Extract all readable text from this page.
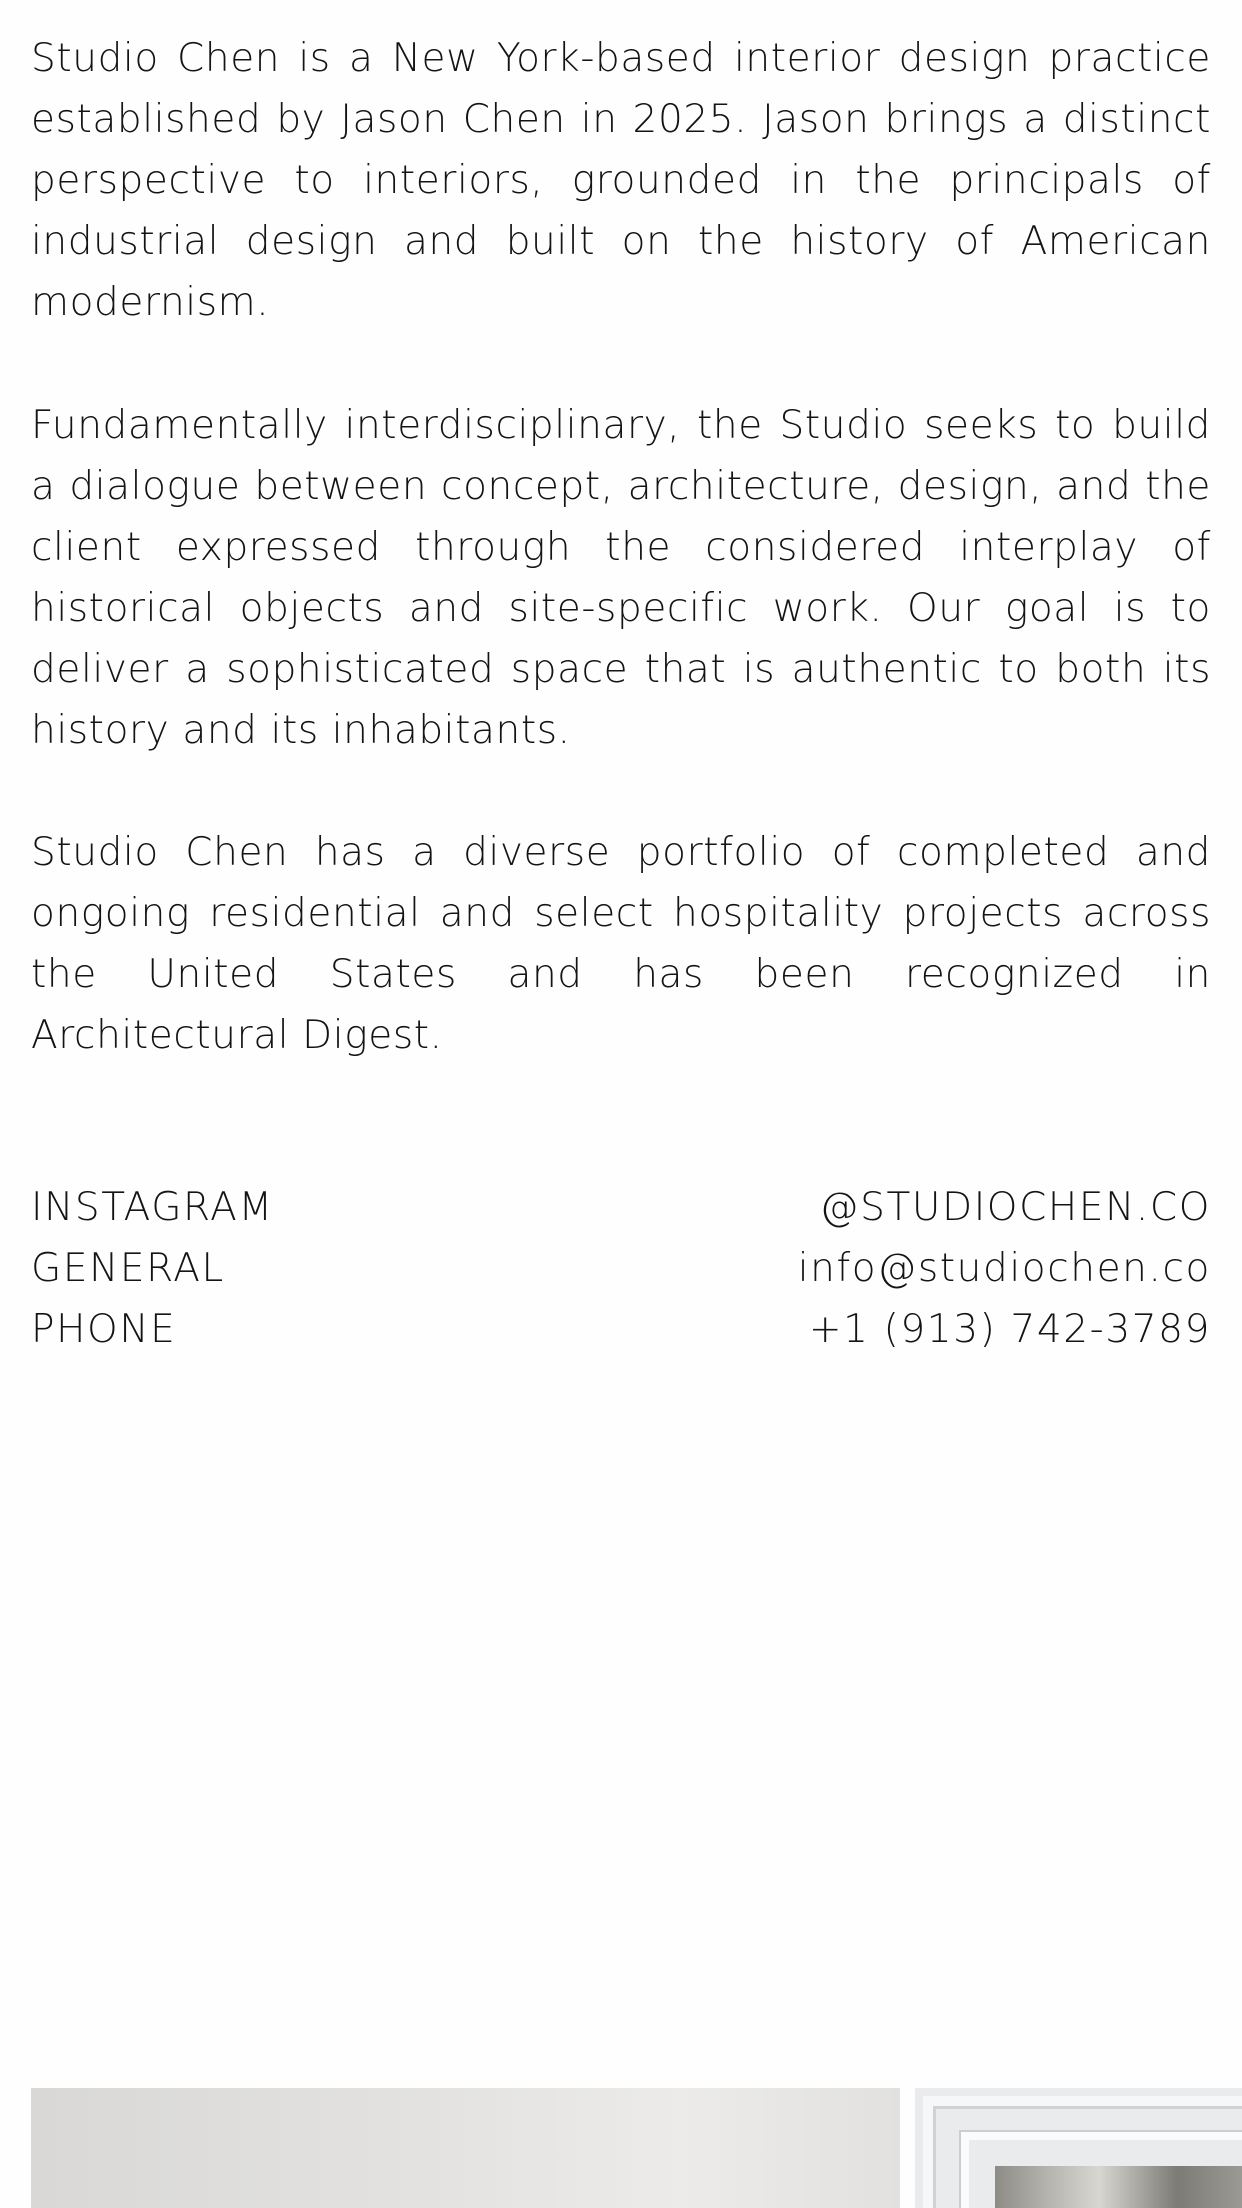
Studio Chen is a New York-based interior design practice established by Jason Chen in 2025. Jason brings a distinct perspective to interiors, grounded in the principals of industrial design and built on the history of American modernism.

Fundamentally interdisciplinary, the Studio seeks to build a dialogue between concept, architecture, design, and the client expressed through the considered interplay of historical objects and site-specific work. Our goal is to deliver a sophisticated space that is authentic to both its history and its inhabitants.

Studio Chen has a diverse portfolio of completed and ongoing residential and select hospitality projects across the United States and has been recognized in Architectural Digest.

INSTAGRAM	@STUDIOCHEN.CO
GENERAL	info@studiochen.co
PHONE	+1 (913) 742-3789
